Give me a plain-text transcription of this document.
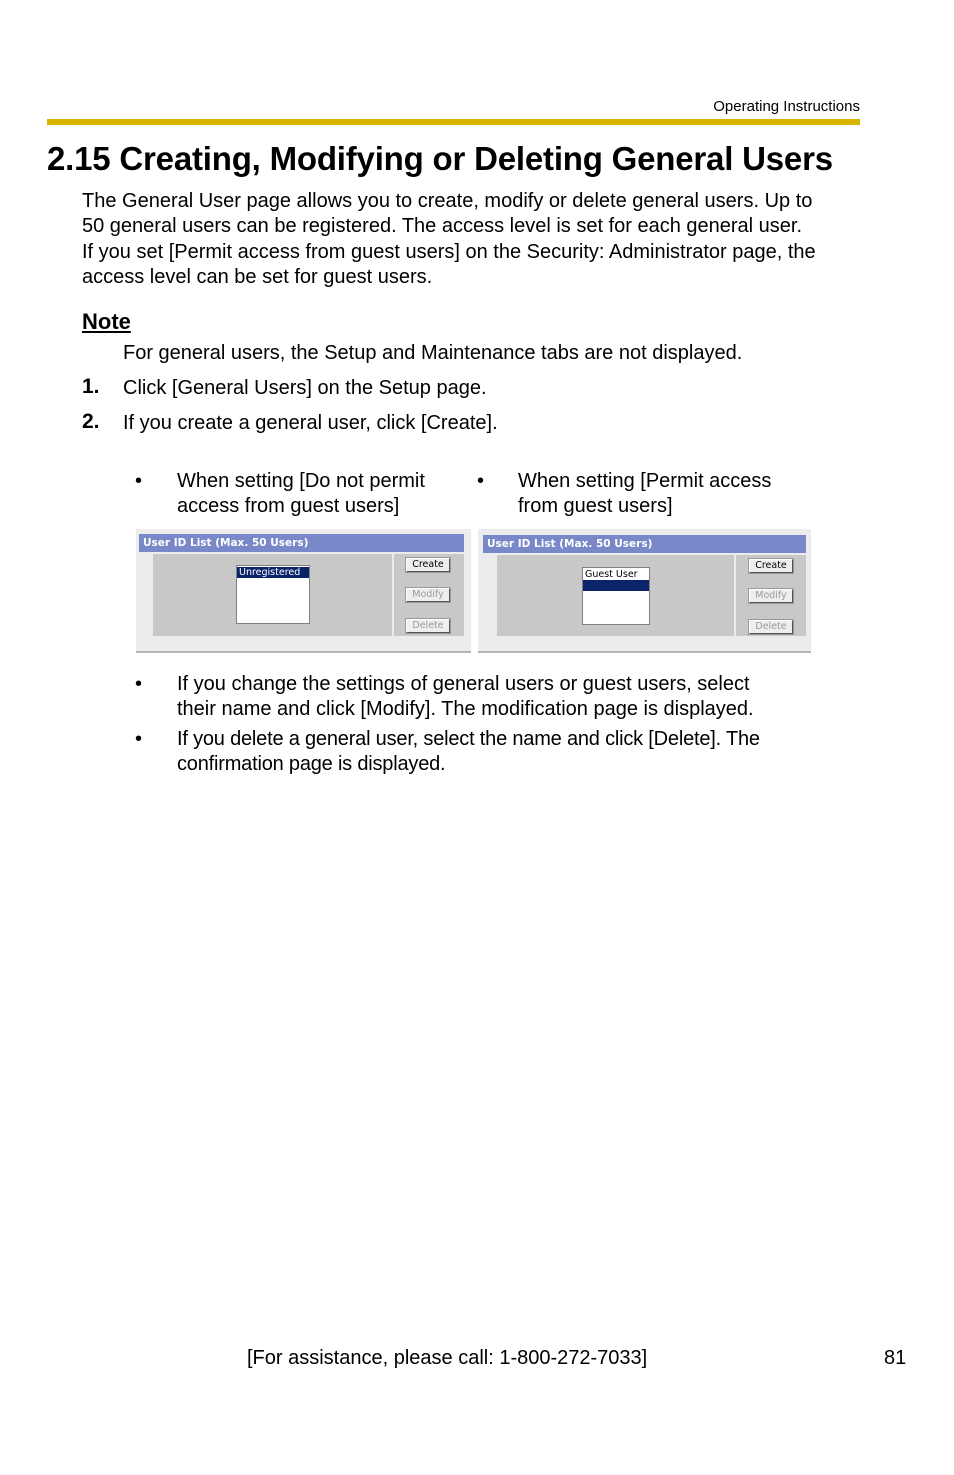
Operating Instructions
2.15 Creating, Modifying or Deleting General Users
The General User page allows you to create, modify or delete general users. Up to
50 general users can be registered. The access level is set for each general user.
If you set [Permit access from guest users] on the Security: Administrator page, the
access level can be set for guest users.
Note
For general users, the Setup and Maintenance tabs are not displayed.
1. Click [General Users] on the Setup page.
2. If you create a general user, click [Create].
• When setting [Do not permit
access from guest users]
• When setting [Permit access
from guest users]
User ID List (Max. 50 Users)
Unregistered
Create
Modify
Delete
User ID List (Max. 50 Users)
Guest User
Create
Modify
Delete
• If you change the settings of general users or guest users, select
their name and click [Modify]. The modification page is displayed.
• If you delete a general user, select the name and click [Delete]. The
confirmation page is displayed.
[For assistance, please call: 1-800-272-7033]	81
